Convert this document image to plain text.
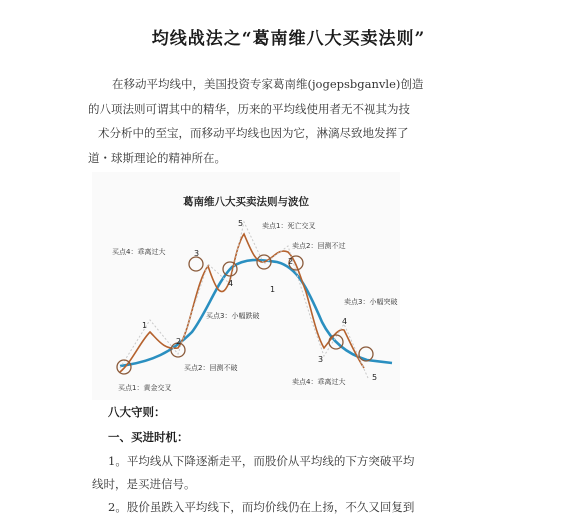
均线战法之“葛南维八大买卖法则”

在移动平均线中，美国投资专家葛南维(jogepsbganvle)创造

的八项法则可谓其中的精华，历来的平均线使用者无不视其为技

术分析中的至宝，而移动平均线也因为它，淋漓尽致地发挥了

道・球斯理论的精神所在。

葛南维八大买卖法则与波位
买点1：黄金交叉
买点2：回测不破
买点3：小幅跌破
买点4：乖离过大
卖点1：死亡交叉
卖点2：回测不过
卖点3：小幅突破
卖点4：乖离过大
1
2
3
4
5
1
2
3
4
5
八大守则：
一、买进时机：
1。平均线从下降逐渐走平，而股价从平均线的下方突破平均
线时，是买进信号。
2。股价虽跌入平均线下，而均价线仍在上扬，不久又回复到
